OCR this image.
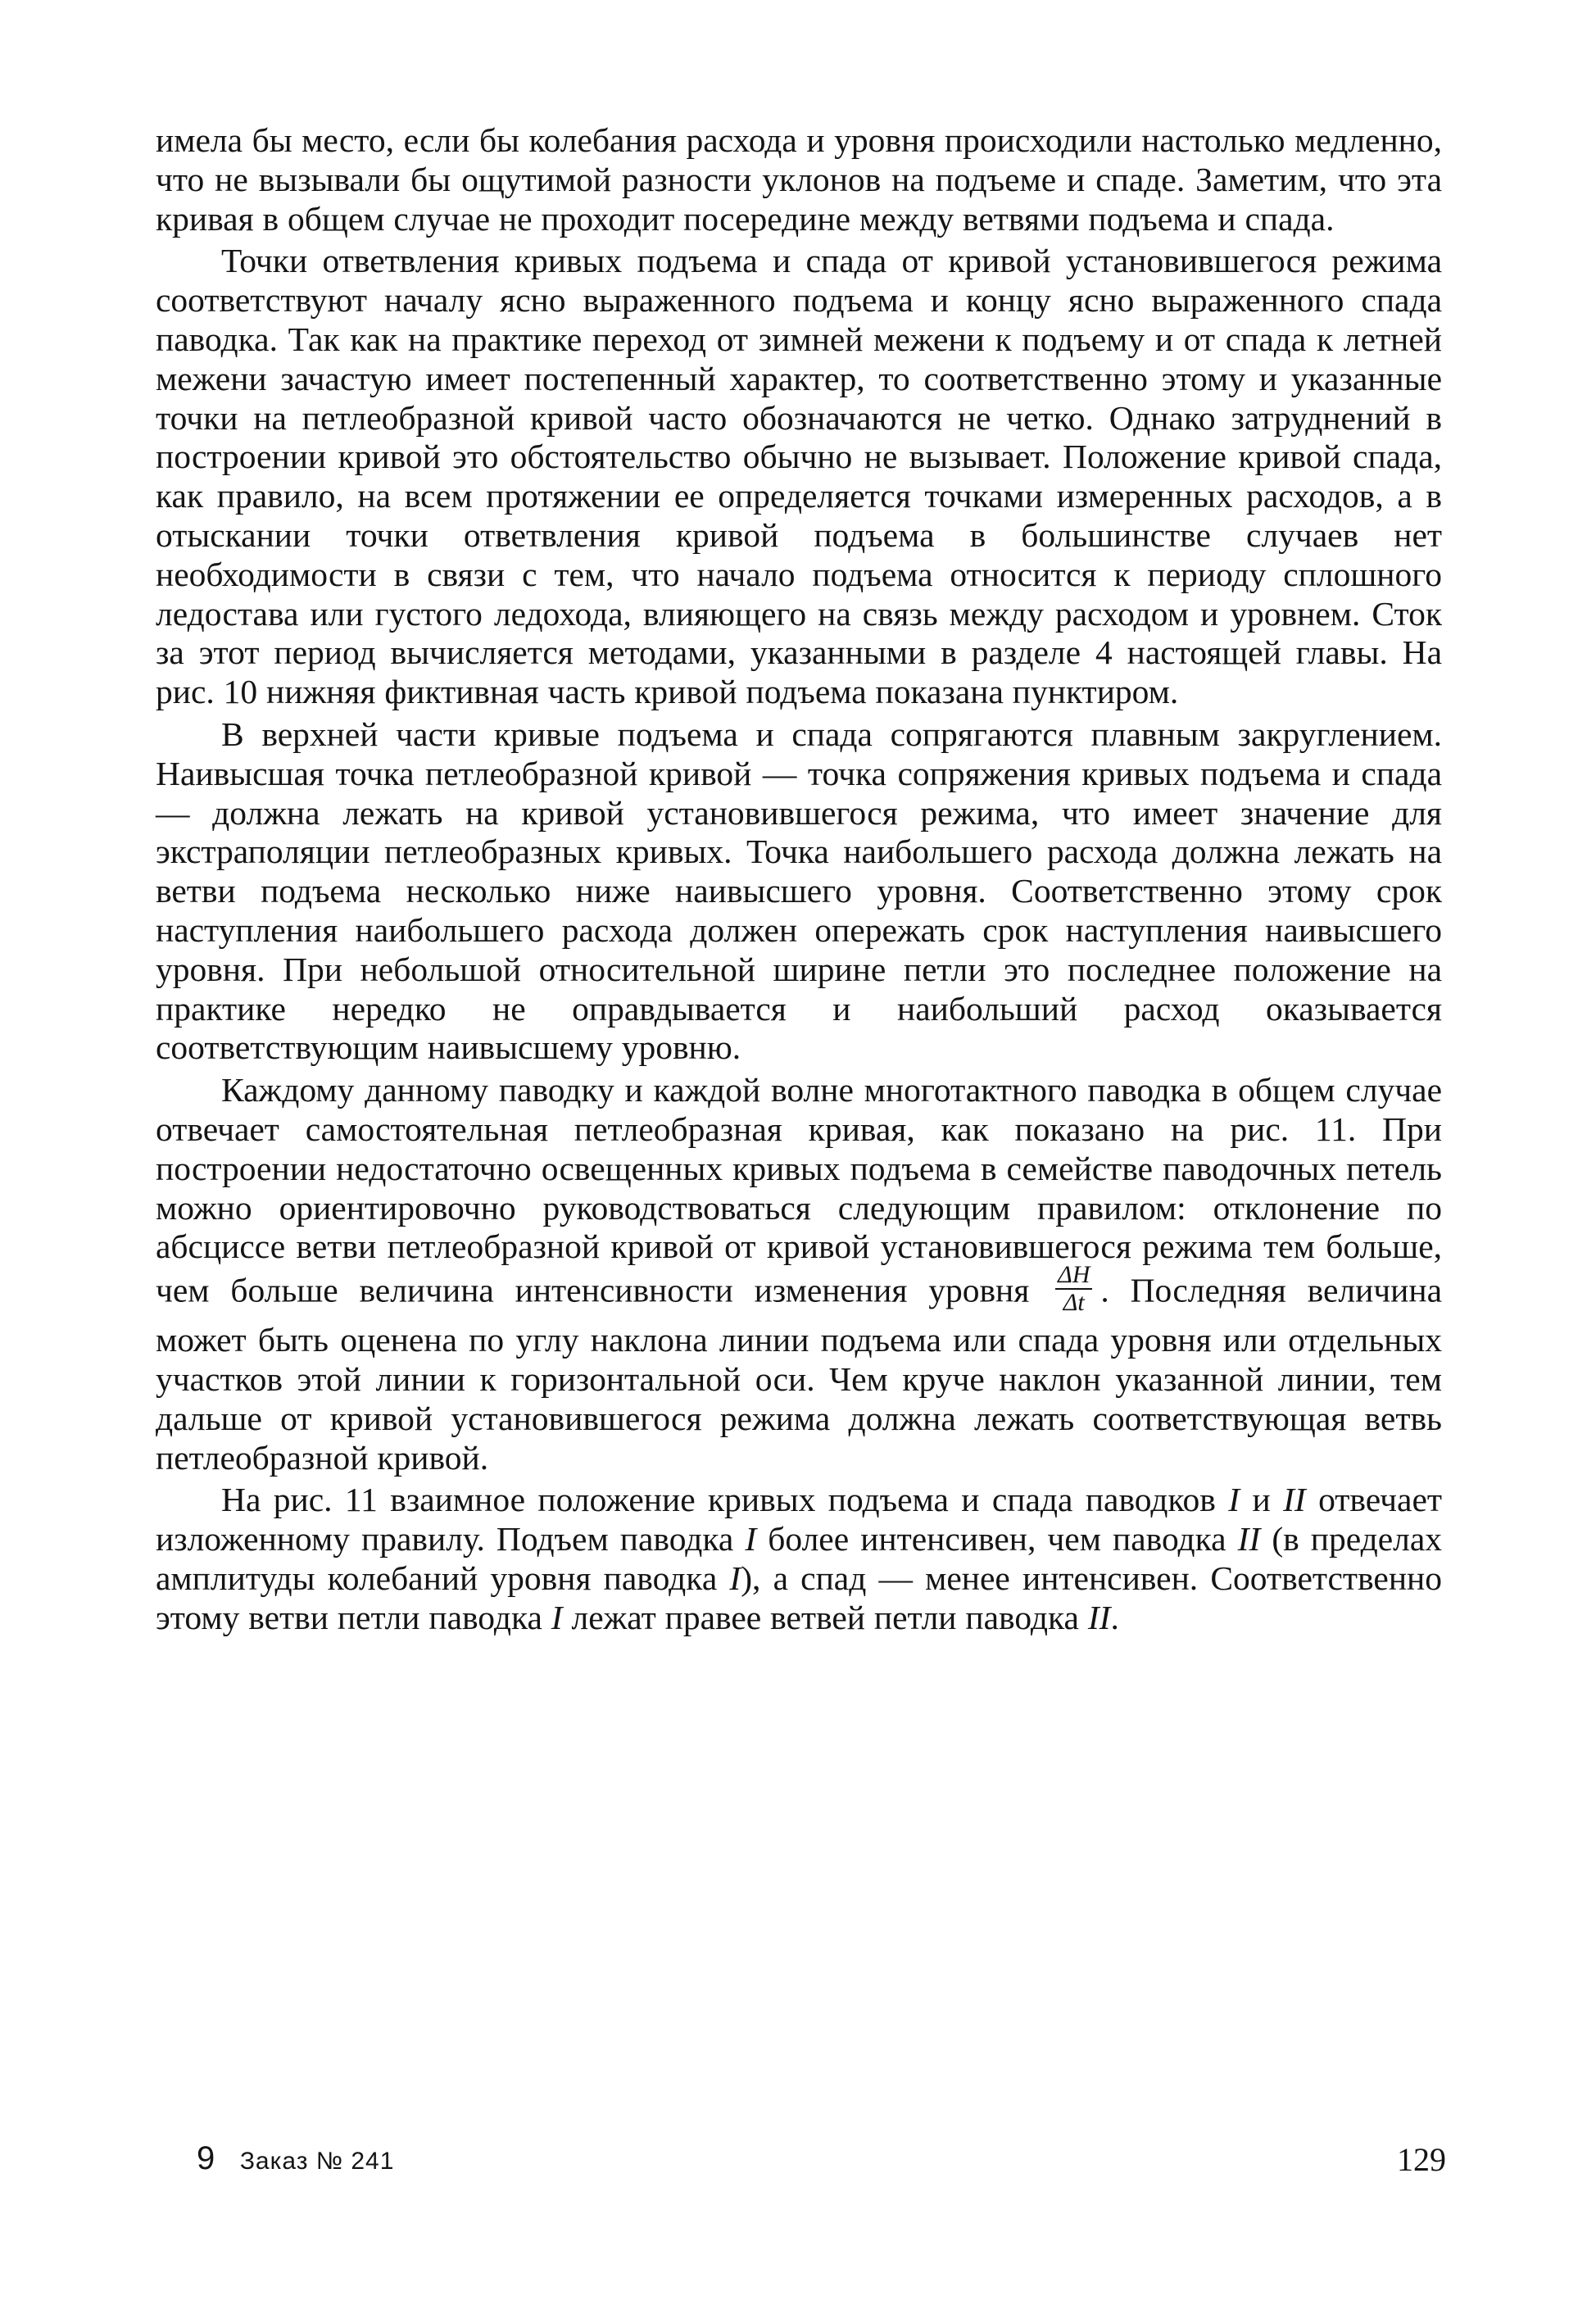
имела бы место, если бы колебания расхода и уровня происходили настолько медленно, что не вызывали бы ощутимой разности уклонов на подъеме и спаде. Заметим, что эта кривая в общем случае не проходит посередине между ветвями подъема и спада.

Точки ответвления кривых подъема и спада от кривой установившегося режима соответствуют началу ясно выраженного подъема и концу ясно выраженного спада паводка. Так как на практике переход от зимней межени к подъему и от спада к летней межени зачастую имеет постепенный характер, то соответственно этому и указанные точки на петлеобразной кривой часто обозначаются не четко. Однако затруднений в построении кривой это обстоятельство обычно не вызывает. Положение кривой спада, как правило, на всем протяжении ее определяется точками измеренных расходов, а в отыскании точки ответвления кривой подъема в большинстве случаев нет необходимости в связи с тем, что начало подъема относится к периоду сплошного ледостава или густого ледохода, влияющего на связь между расходом и уровнем. Сток за этот период вычисляется методами, указанными в разделе 4 настоящей главы. На рис. 10 нижняя фиктивная часть кривой подъема показана пунктиром.

В верхней части кривые подъема и спада сопрягаются плавным закруглением. Наивысшая точка петлеобразной кривой — точка сопряжения кривых подъема и спада — должна лежать на кривой установившегося режима, что имеет значение для экстраполяции петлеобразных кривых. Точка наибольшего расхода должна лежать на ветви подъема несколько ниже наивысшего уровня. Соответственно этому срок наступления наибольшего расхода должен опережать срок наступления наивысшего уровня. При небольшой относительной ширине петли это последнее положение на практике нередко не оправдывается и наибольший расход оказывается соответствующим наивысшему уровню.

Каждому данному паводку и каждой волне многотактного паводка в общем случае отвечает самостоятельная петлеобразная кривая, как показано на рис. 11. При построении недостаточно освещенных кривых подъема в семействе паводочных петель можно ориентировочно руководствоваться следующим правилом: отклонение по абсциссе ветви петлеобразной кривой от кривой установившегося режима тем больше, чем больше величина интенсивности изменения уровня $\frac{\Delta H}{\Delta t}$ . Последняя величина может быть оценена по углу наклона линии подъема или спада уровня или отдельных участков этой линии к горизонтальной оси. Чем круче наклон указанной линии, тем дальше от кривой установившегося режима должна лежать соответствующая ветвь петлеобразной кривой.

На рис. 11 взаимное положение кривых подъема и спада паводков I и II отвечает изложенному правилу. Подъем паводка I более интенсивен, чем паводка II (в пределах амплитуды колебаний уровня паводка I), а спад — менее интенсивен. Соответственно этому ветви петли паводка I лежат правее ветвей петли паводка II.

9 Заказ № 241	129
